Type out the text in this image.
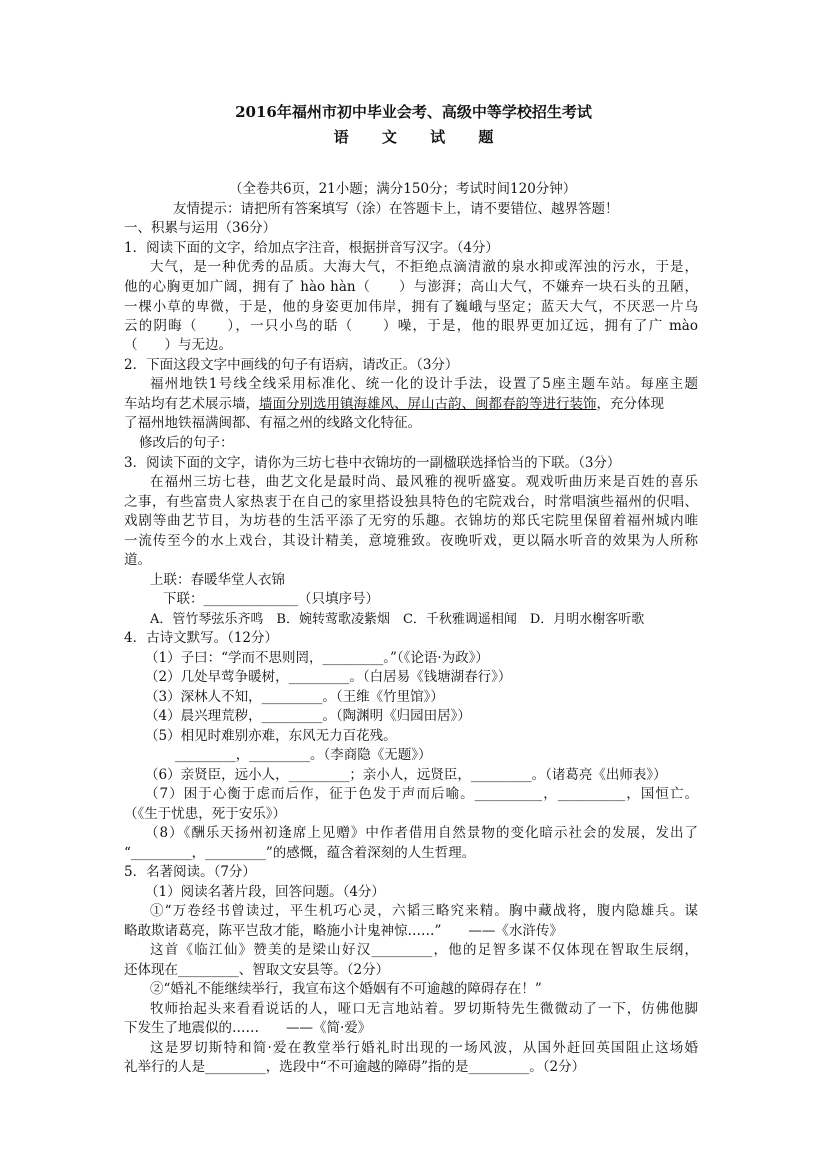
2016年福州市初中毕业会考、高级中等学校招生考试
语 文 试 题
（全卷共6页，21小题；满分150分；考试时间120分钟）
友情提示：请把所有答案填写（涂）在答题卡上，请不要错位、越界答题！
一、积累与运用（36分）
1．阅读下面的文字，给加点字注音，根据拼音写汉字。（4分）
大气，是一种优秀的品质。大海大气，不拒绝点滴清澈的泉水抑或浑浊的污水，于是，
他的心胸更加广阔，拥有了 hào hàn（　　）与澎湃；高山大气，不嫌弃一块石头的丑陋，
一棵小草的卑微，于是，他的身姿更加伟岸，拥有了巍峨与坚定；蓝天大气，不厌恶一片乌
云的阴晦（　　），一只小鸟的聒（　　）噪，于是，他的眼界更加辽远，拥有了广 mào
（　　）与无边。
2．下面这段文字中画线的句子有语病，请改正。（3分）
福州地铁1号线全线采用标准化、统一化的设计手法，设置了5座主题车站。每座主题
车站均有艺术展示墙， 墙面分别选用镇海雄风、屏山古韵、闽都春韵等进行装饰 ，充分体现
了福州地铁福满闽都、有福之州的线路文化特征。
修改后的句子：
3．阅读下面的文字，请你为三坊七巷中衣锦坊的一副楹联选择恰当的下联。（3分）
在福州三坊七巷，曲艺文化是最时尚、最风雅的视听盛宴。观戏听曲历来是百姓的喜乐
之事，有些富贵人家热衷于在自己的家里搭设独具特色的宅院戏台，时常唱演些福州的伬唱、
戏剧等曲艺节目，为坊巷的生活平添了无穷的乐趣。衣锦坊的郑氏宅院里保留着福州城内唯
一流传至今的水上戏台，其设计精美，意境雅致。夜晚听戏，更以隔水听音的效果为人所称
道。
上联：春暖华堂人衣锦
下联：______________（只填序号）
A．管竹琴弦乐齐鸣　B．婉转莺歌凌紫烟　C．千秋雅调遥相闻　D．月明水榭客听歌
4．古诗文默写。（12分）
（1）子曰：“学而不思则罔，_________。”（《论语·为政》）
（2）几处早莺争暖树，_________。（白居易《钱塘湖春行》）
（3）深林人不知，_________。（王维《竹里馆》）
（4）晨兴理荒秽，_________。（陶渊明《归园田居》）
（5）相见时难别亦难，东风无力百花残。
_________，_________。（李商隐《无题》）
（6）亲贤臣，远小人，_________；亲小人，远贤臣，_________。（诸葛亮《出师表》）
（7）困于心衡于虑而后作，征于色发于声而后喻。__________，__________，国恒亡。
（《生于忧患，死于安乐》）
（8）《酬乐天扬州初逢席上见赠》中作者借用自然景物的变化暗示社会的发展，发出了
“_________，_________”的感慨，蕴含着深刻的人生哲理。
5．名著阅读。（7分）
（1）阅读名著片段，回答问题。（4分）
①“万卷经书曾读过，平生机巧心灵，六韬三略究来精。胸中藏战将，腹内隐雄兵。谋
略敢欺诸葛亮，陈平岂敌才能，略施小计鬼神惊……”　　——《水浒传》
这首《临江仙》赞美的是梁山好汉_________，他的足智多谋不仅体现在智取生辰纲，
还体现在_________、智取文安县等。（2分）
②“婚礼不能继续举行，我宣布这个婚姻有不可逾越的障碍存在！”
牧师抬起头来看看说话的人，哑口无言地站着。罗切斯特先生微微动了一下，仿佛他脚
下发生了地震似的……　　——《简·爱》
这是罗切斯特和简·爱在教堂举行婚礼时出现的一场风波，从国外赶回英国阻止这场婚
礼举行的人是_________，选段中“不可逾越的障碍”指的是_________。（2分）
